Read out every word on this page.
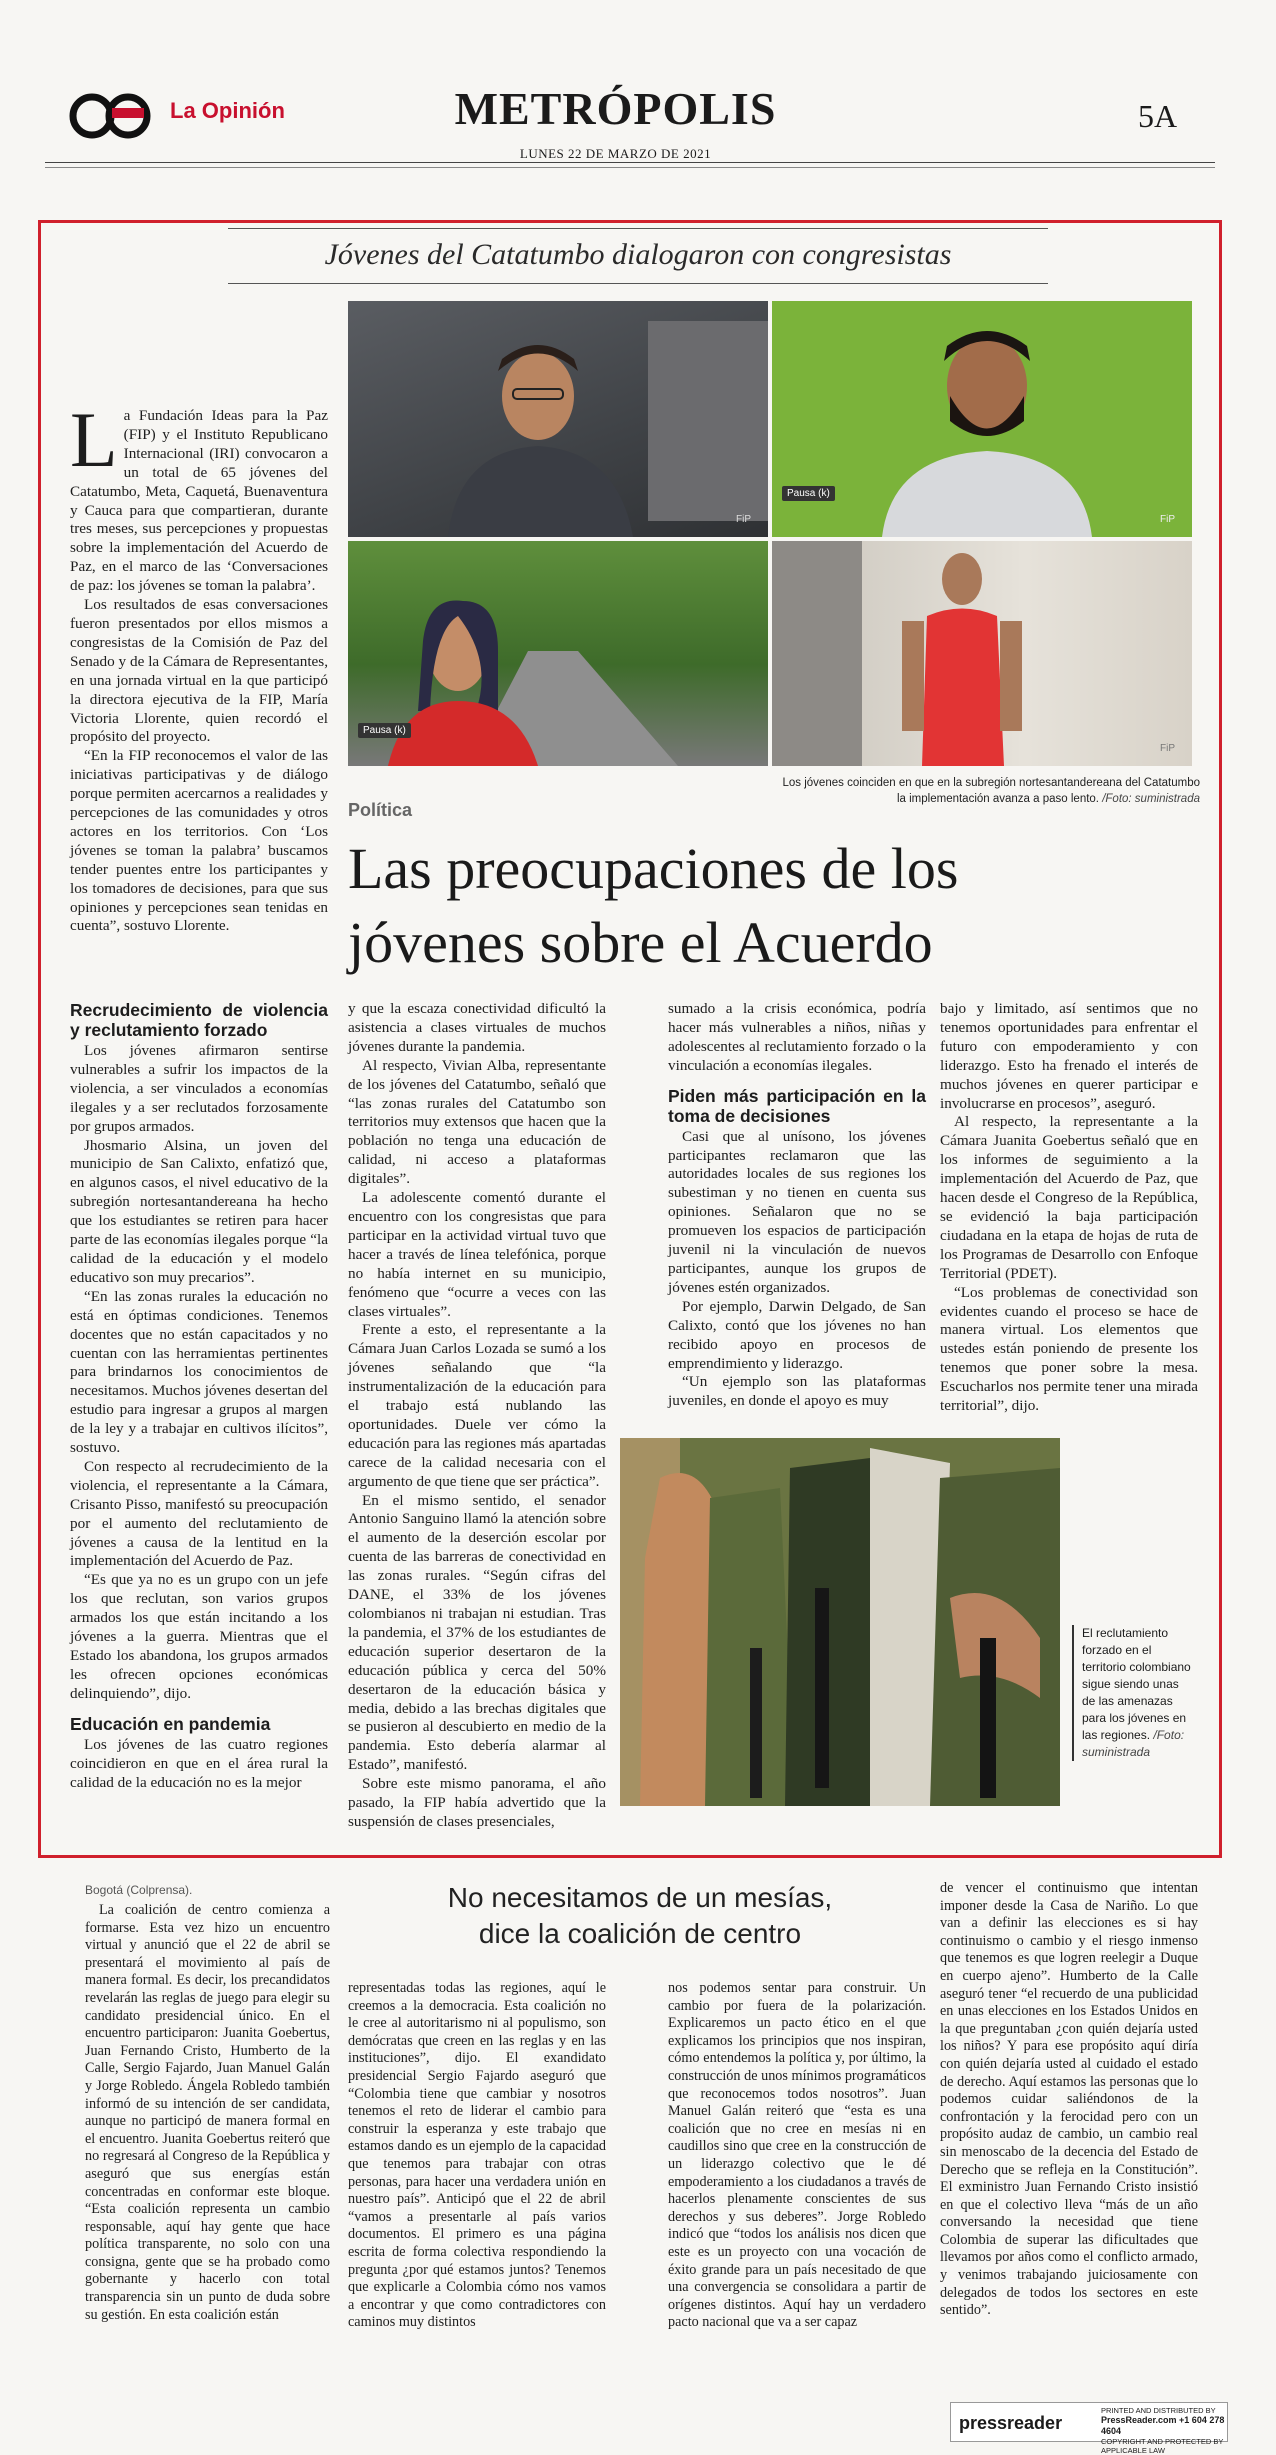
La Opinión	METRÓPOLIS	5A
LUNES 22 DE MARZO DE 2021
Jóvenes del Catatumbo dialogaron con congresistas
FiP
Pausa (k)
FiP
Pausa (k)
FiP
Los jóvenes coinciden en que en la subregión nortesantandereana del Catatumbo la implementación avanza a paso lento. /Foto: suministrada
Política
Las preocupaciones de los jóvenes sobre el Acuerdo

La Fundación Ideas para la Paz (FIP) y el Instituto Republicano Internacional (IRI) convocaron a un total de 65 jóvenes del Catatumbo, Meta, Caquetá, Buenaventura y Cauca para que compartieran, durante tres meses, sus percepciones y propuestas sobre la implementación del Acuerdo de Paz, en el marco de las ‘Conversaciones de paz: los jóvenes se toman la palabra’.

Los resultados de esas conversaciones fueron presentados por ellos mismos a congresistas de la Comisión de Paz del Senado y de la Cámara de Representantes, en una jornada virtual en la que participó la directora ejecutiva de la FIP, María Victoria Llorente, quien recordó el propósito del proyecto.

“En la FIP reconocemos el valor de las iniciativas participativas y de diálogo porque permiten acercarnos a realidades y percepciones de las comunidades y otros actores en los territorios. Con ‘Los jóvenes se toman la palabra’ buscamos tender puentes entre los participantes y los tomadores de decisiones, para que sus opiniones y percepciones sean tenidas en cuenta”, sostuvo Llorente.

Recrudecimiento de violencia y reclutamiento forzado

Los jóvenes afirmaron sentirse vulnerables a sufrir los impactos de la violencia, a ser vinculados a economías ilegales y a ser reclutados forzosamente por grupos armados.

Jhosmario Alsina, un joven del municipio de San Calixto, enfatizó que, en algunos casos, el nivel educativo de la subregión nortesantandereana ha hecho que los estudiantes se retiren para hacer parte de las economías ilegales porque “la calidad de la educación y el modelo educativo son muy precarios”.

“En las zonas rurales la educación no está en óptimas condiciones. Tenemos docentes que no están capacitados y no cuentan con las herramientas pertinentes para brindarnos los conocimientos de necesitamos. Muchos jóvenes desertan del estudio para ingresar a grupos al margen de la ley y a trabajar en cultivos ilícitos”, sostuvo.

Con respecto al recrudecimiento de la violencia, el representante a la Cámara, Crisanto Pisso, manifestó su preocupación por el aumento del reclutamiento de jóvenes a causa de la lentitud en la implementación del Acuerdo de Paz.

“Es que ya no es un grupo con un jefe los que reclutan, son varios grupos armados los que están incitando a los jóvenes a la guerra. Mientras que el Estado los abandona, los grupos armados les ofrecen opciones económicas delinquiendo”, dijo.

Educación en pandemia

Los jóvenes de las cuatro regiones coincidieron en que en el área rural la calidad de la educación no es la mejor

y que la escaza conectividad dificultó la asistencia a clases virtuales de muchos jóvenes durante la pandemia.

Al respecto, Vivian Alba, representante de los jóvenes del Catatumbo, señaló que “las zonas rurales del Catatumbo son territorios muy extensos que hacen que la población no tenga una educación de calidad, ni acceso a plataformas digitales”.

La adolescente comentó durante el encuentro con los congresistas que para participar en la actividad virtual tuvo que hacer a través de línea telefónica, porque no había internet en su municipio, fenómeno que “ocurre a veces con las clases virtuales”.

Frente a esto, el representante a la Cámara Juan Carlos Lozada se sumó a los jóvenes señalando que “la instrumentalización de la educación para el trabajo está nublando las oportunidades. Duele ver cómo la educación para las regiones más apartadas carece de la calidad necesaria con el argumento de que tiene que ser práctica”.

En el mismo sentido, el senador Antonio Sanguino llamó la atención sobre el aumento de la deserción escolar por cuenta de las barreras de conectividad en las zonas rurales. “Según cifras del DANE, el 33% de los jóvenes colombianos ni trabajan ni estudian. Tras la pandemia, el 37% de los estudiantes de educación superior desertaron de la educación pública y cerca del 50% desertaron de la educación básica y media, debido a las brechas digitales que se pusieron al descubierto en medio de la pandemia. Esto debería alarmar al Estado”, manifestó.

Sobre este mismo panorama, el año pasado, la FIP había advertido que la suspensión de clases presenciales,

sumado a la crisis económica, podría hacer más vulnerables a niños, niñas y adolescentes al reclutamiento forzado o la vinculación a economías ilegales.

Piden más participación en la toma de decisiones

Casi que al unísono, los jóvenes participantes reclamaron que las autoridades locales de sus regiones los subestiman y no tienen en cuenta sus opiniones. Señalaron que no se promueven los espacios de participación juvenil ni la vinculación de nuevos participantes, aunque los grupos de jóvenes estén organizados.

Por ejemplo, Darwin Delgado, de San Calixto, contó que los jóvenes no han recibido apoyo en procesos de emprendimiento y liderazgo.

“Un ejemplo son las plataformas juveniles, en donde el apoyo es muy

bajo y limitado, así sentimos que no tenemos oportunidades para enfrentar el futuro con empoderamiento y con liderazgo. Esto ha frenado el interés de muchos jóvenes en querer participar e involucrarse en procesos”, aseguró.

Al respecto, la representante a la Cámara Juanita Goebertus señaló que en los informes de seguimiento a la implementación del Acuerdo de Paz, que hacen desde el Congreso de la República, se evidenció la baja participación ciudadana en la etapa de hojas de ruta de los Programas de Desarrollo con Enfoque Territorial (PDET).

“Los problemas de conectividad son evidentes cuando el proceso se hace de manera virtual. Los elementos que ustedes están poniendo de presente los tenemos que poner sobre la mesa. Escucharlos nos permite tener una mirada territorial”, dijo.

El reclutamiento forzado en el territorio colombiano sigue siendo unas de las amenazas para los jóvenes en las regiones. /Foto: suministrada
Bogotá (Colprensa).	No necesitamos de un mesías,
dice la coalición de centro

La coalición de centro comienza a formarse. Esta vez hizo un encuentro virtual y anunció que el 22 de abril se presentará el movimiento al país de manera formal. Es decir, los precandidatos revelarán las reglas de juego para elegir su candidato presidencial único. En el encuentro participaron: Juanita Goebertus, Juan Fernando Cristo, Humberto de la Calle, Sergio Fajardo, Juan Manuel Galán y Jorge Robledo. Ángela Robledo también informó de su intención de ser candidata, aunque no participó de manera formal en el encuentro. Juanita Goebertus reiteró que no regresará al Congreso de la República y aseguró que sus energías están concentradas en conformar este bloque. “Esta coalición representa un cambio responsable, aquí hay gente que hace política transparente, no solo con una consigna, gente que se ha probado como gobernante y hacerlo con total transparencia sin un punto de duda sobre su gestión. En esta coalición están

representadas todas las regiones, aquí le creemos a la democracia. Esta coalición no le cree al autoritarismo ni al populismo, son demócratas que creen en las reglas y en las instituciones”, dijo. El exandidato presidencial Sergio Fajardo aseguró que “Colombia tiene que cambiar y nosotros tenemos el reto de liderar el cambio para construir la esperanza y este trabajo que estamos dando es un ejemplo de la capacidad que tenemos para trabajar con otras personas, para hacer una verdadera unión en nuestro país”. Anticipó que el 22 de abril “vamos a presentarle al país varios documentos. El primero es una página escrita de forma colectiva respondiendo la pregunta ¿por qué estamos juntos? Tenemos que explicarle a Colombia cómo nos vamos a encontrar y que como contradictores con caminos muy distintos

nos podemos sentar para construir. Un cambio por fuera de la polarización. Explicaremos un pacto ético en el que explicamos los principios que nos inspiran, cómo entendemos la política y, por último, la construcción de unos mínimos programáticos que reconocemos todos nosotros”. Juan Manuel Galán reiteró que “esta es una coalición que no cree en mesías ni en caudillos sino que cree en la construcción de un liderazgo colectivo que le dé empoderamiento a los ciudadanos a través de hacerlos plenamente conscientes de sus derechos y sus deberes”. Jorge Robledo indicó que “todos los análisis nos dicen que este es un proyecto con una vocación de éxito grande para un país necesitado de que una convergencia se consolidara a partir de orígenes distintos. Aquí hay un verdadero pacto nacional que va a ser capaz

de vencer el continuismo que intentan imponer desde la Casa de Nariño. Lo que van a definir las elecciones es si hay continuismo o cambio y el riesgo inmenso que tenemos es que logren reelegir a Duque en cuerpo ajeno”. Humberto de la Calle aseguró tener “el recuerdo de una publicidad en unas elecciones en los Estados Unidos en la que preguntaban ¿con quién dejaría usted los niños? Y para ese propósito aquí diría con quién dejaría usted al cuidado el estado de derecho. Aquí estamos las personas que lo podemos cuidar saliéndonos de la confrontación y la ferocidad pero con un propósito audaz de cambio, un cambio real sin menoscabo de la decencia del Estado de Derecho que se refleja en la Constitución”. El exministro Juan Fernando Cristo insistió en que el colectivo lleva “más de un año conversando la necesidad que tiene Colombia de superar las dificultades que llevamos por años como el conflicto armado, y venimos trabajando juiciosamente con delegados de todos los sectores en este sentido”.

pressreader
PRINTED AND DISTRIBUTED BY
PressReader.com +1 604 278 4604
COPYRIGHT AND PROTECTED BY APPLICABLE LAW
